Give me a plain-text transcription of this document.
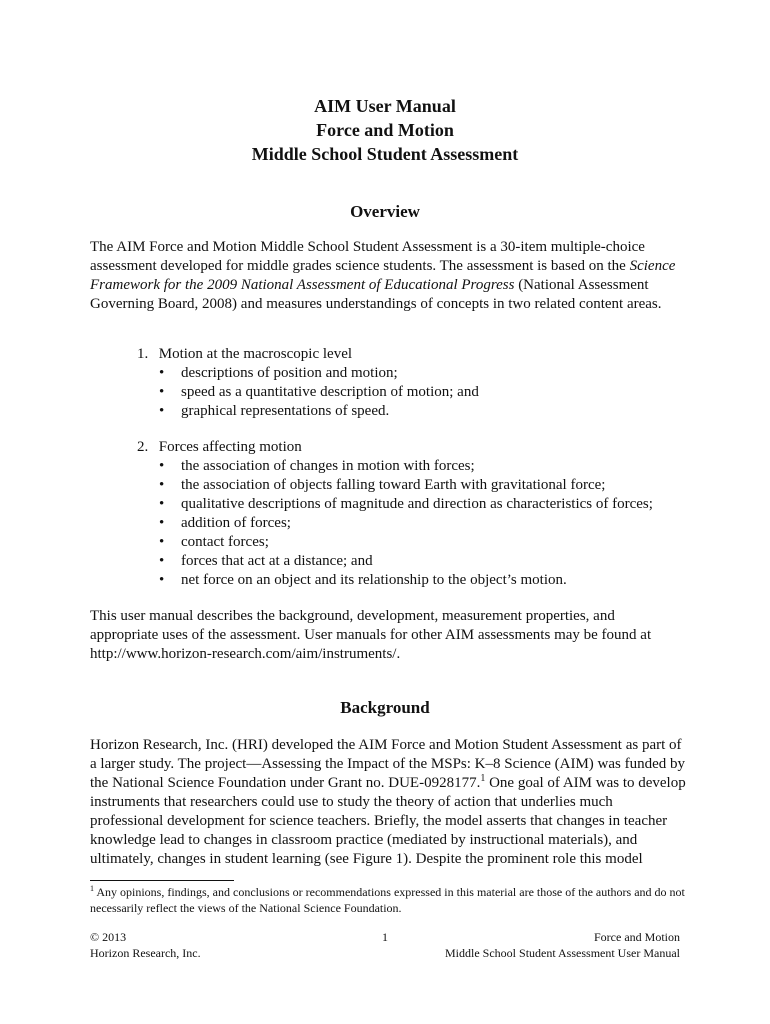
AIM User Manual
Force and Motion
Middle School Student Assessment
Overview

The AIM Force and Motion Middle School Student Assessment is a 30-item multiple-choice assessment developed for middle grades science students. The assessment is based on the Science Framework for the 2009 National Assessment of Educational Progress (National Assessment Governing Board, 2008) and measures understandings of concepts in two related content areas.

1. Motion at the macroscopic level
• descriptions of position and motion;
• speed as a quantitative description of motion; and
• graphical representations of speed.
2. Forces affecting motion
• the association of changes in motion with forces;
• the association of objects falling toward Earth with gravitational force;
• qualitative descriptions of magnitude and direction as characteristics of forces;
• addition of forces;
• contact forces;
• forces that act at a distance; and
• net force on an object and its relationship to the object’s motion.

This user manual describes the background, development, measurement properties, and appropriate uses of the assessment. User manuals for other AIM assessments may be found at http://www.horizon-research.com/aim/instruments/.

Background

Horizon Research, Inc. (HRI) developed the AIM Force and Motion Student Assessment as part of a larger study. The project—Assessing the Impact of the MSPs: K–8 Science (AIM) was funded by the National Science Foundation under Grant no. DUE-0928177.$^1$ One goal of AIM was to develop instruments that researchers could use to study the theory of action that underlies much professional development for science teachers. Briefly, the model asserts that changes in teacher knowledge lead to changes in classroom practice (mediated by instructional materials), and ultimately, changes in student learning (see Figure 1). Despite the prominent role this model

$^1$ Any opinions, findings, and conclusions or recommendations expressed in this material are those of the authors and do not necessarily reflect the views of the National Science Foundation.
© 2013
Horizon Research, Inc.
1	Force and Motion
Middle School Student Assessment User Manual
